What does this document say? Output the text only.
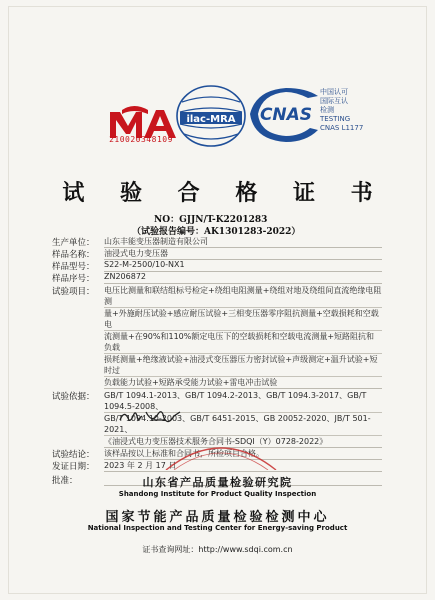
210020348109
ilac-MRA CNAS
中国认可
国际互认
检测
TESTING
CNAS L1177
试 验 合 格 证 书
NO：GJJN/T-K2201283
（试验报告编号：AK1301283-2022）
生产单位：	山东丰能变压器制造有限公司
样品名称：	油浸式电力变压器
样品型号：	S22-M-2500/10-NX1
样品序号：	ZN206872
试验项目：	电压比测量和联结组标号检定+绕组电阻测量+绕组对地及绕组间直流绝缘电阻测
量+外施耐压试验+感应耐压试验+三相变压器零序阻抗测量+空载损耗和空载电
流测量+在90%和110%额定电压下的空载损耗和空载电流测量+短路阻抗和负载
损耗测量+绝缘液试验+油浸式变压器压力密封试验+声级测定+温升试验+短时过
负载能力试验+短路承受能力试验+雷电冲击试验
试验依据：	GB/T 1094.1-2013、GB/T 1094.2-2013、GB/T 1094.3-2017、GB/T 1094.5-2008、
GB/T 1094.10-2003、GB/T 6451-2015、GB 20052-2020、JB/T 501-2021、
《油浸式电力变压器技术服务合同书-SDQI（Y）0728-2022》
试验结论：	该样品按以上标准和合同书，所检项目合格。
发证日期：	2023 年 2 月 17 日
批准：
	山东省产品质量检验研究院
Shandong Institute for Product Quality Inspection
国家节能产品质量检验检测中心
National Inspection and Testing Center for Energy-saving Product
证书查询网址：http://www.sdqi.com.cn
